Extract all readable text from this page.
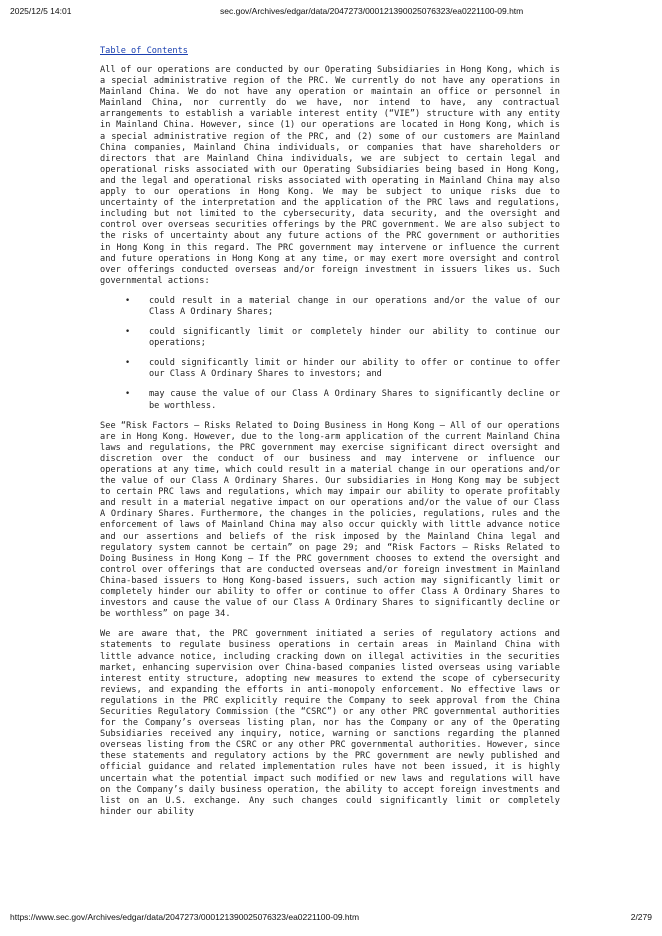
2025/12/5 14:01	sec.gov/Archives/edgar/data/2047273/000121390025076323/ea0221100-09.htm
Table of Contents

All of our operations are conducted by our Operating Subsidiaries in Hong Kong, which is a special administrative region of the PRC. We currently do not have any operations in Mainland China. We do not have any operation or maintain an office or personnel in Mainland China, nor currently do we have, nor intend to have, any contractual arrangements to establish a variable interest entity (“VIE”) structure with any entity in Mainland China. However, since (1) our operations are located in Hong Kong, which is a special administrative region of the PRC, and (2) some of our customers are Mainland China companies, Mainland China individuals, or companies that have shareholders or directors that are Mainland China individuals, we are subject to certain legal and operational risks associated with our Operating Subsidiaries being based in Hong Kong, and the legal and operational risks associated with operating in Mainland China may also apply to our operations in Hong Kong. We may be subject to unique risks due to uncertainty of the interpretation and the application of the PRC laws and regulations, including but not limited to the cybersecurity, data security, and the oversight and control over overseas securities offerings by the PRC government. We are also subject to the risks of uncertainty about any future actions of the PRC government or authorities in Hong Kong in this regard. The PRC government may intervene or influence the current and future operations in Hong Kong at any time, or may exert more oversight and control over offerings conducted overseas and/or foreign investment in issuers likes us. Such governmental actions:

• could result in a material change in our operations and/or the value of our Class A Ordinary Shares;
• could significantly limit or completely hinder our ability to continue our operations;
• could significantly limit or hinder our ability to offer or continue to offer our Class A Ordinary Shares to investors; and
• may cause the value of our Class A Ordinary Shares to significantly decline or be worthless.

See “Risk Factors — Risks Related to Doing Business in Hong Kong — All of our operations are in Hong Kong. However, due to the long-arm application of the current Mainland China laws and regulations, the PRC government may exercise significant direct oversight and discretion over the conduct of our business and may intervene or influence our operations at any time, which could result in a material change in our operations and/or the value of our Class A Ordinary Shares. Our subsidiaries in Hong Kong may be subject to certain PRC laws and regulations, which may impair our ability to operate profitably and result in a material negative impact on our operations and/or the value of our Class A Ordinary Shares. Furthermore, the changes in the policies, regulations, rules and the enforcement of laws of Mainland China may also occur quickly with little advance notice and our assertions and beliefs of the risk imposed by the Mainland China legal and regulatory system cannot be certain” on page 29; and “Risk Factors — Risks Related to Doing Business in Hong Kong — If the PRC government chooses to extend the oversight and control over offerings that are conducted overseas and/or foreign investment in Mainland China-based issuers to Hong Kong-based issuers, such action may significantly limit or completely hinder our ability to offer or continue to offer Class A Ordinary Shares to investors and cause the value of our Class A Ordinary Shares to significantly decline or be worthless” on page 34.

We are aware that, the PRC government initiated a series of regulatory actions and statements to regulate business operations in certain areas in Mainland China with little advance notice, including cracking down on illegal activities in the securities market, enhancing supervision over China-based companies listed overseas using variable interest entity structure, adopting new measures to extend the scope of cybersecurity reviews, and expanding the efforts in anti-monopoly enforcement. No effective laws or regulations in the PRC explicitly require the Company to seek approval from the China Securities Regulatory Commission (the “CSRC”) or any other PRC governmental authorities for the Company’s overseas listing plan, nor has the Company or any of the Operating Subsidiaries received any inquiry, notice, warning or sanctions regarding the planned overseas listing from the CSRC or any other PRC governmental authorities. However, since these statements and regulatory actions by the PRC government are newly published and official guidance and related implementation rules have not been issued, it is highly uncertain what the potential impact such modified or new laws and regulations will have on the Company’s daily business operation, the ability to accept foreign investments and list on an U.S. exchange. Any such changes could significantly limit or completely hinder our ability

https://www.sec.gov/Archives/edgar/data/2047273/000121390025076323/ea0221100-09.htm	2/279
